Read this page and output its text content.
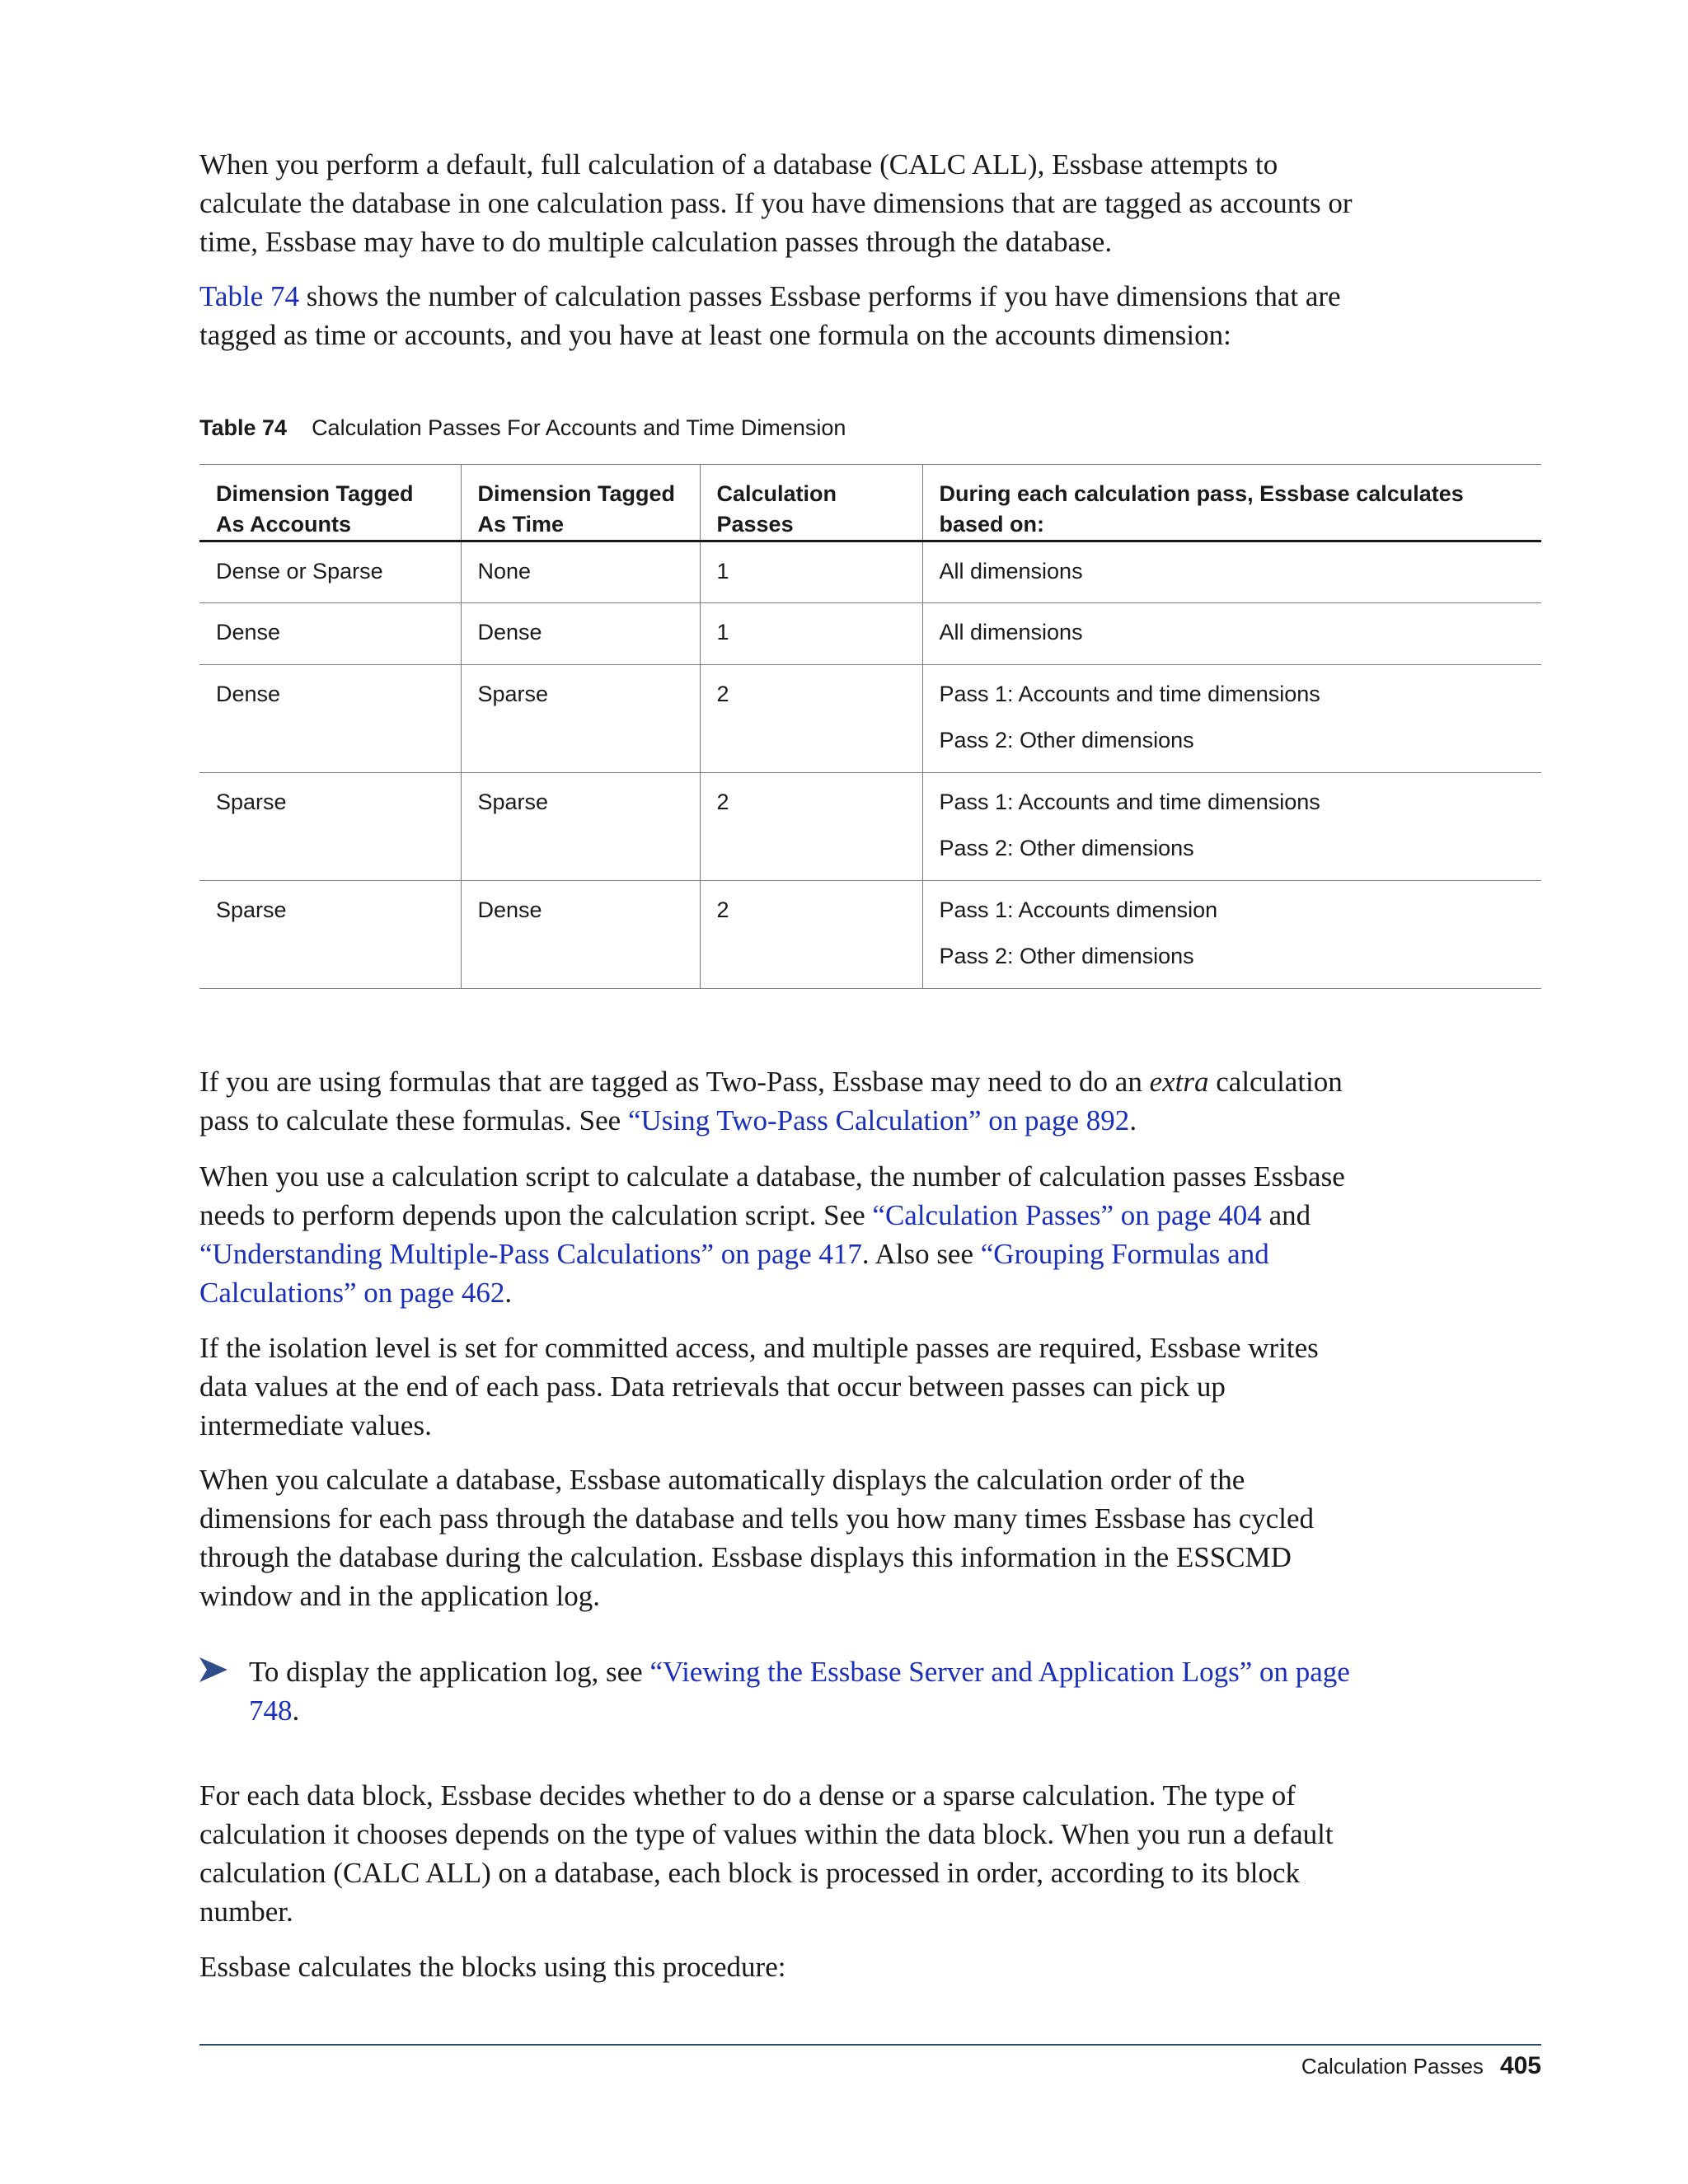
When you perform a default, full calculation of a database (CALC ALL), Essbase attempts to calculate the database in one calculation pass. If you have dimensions that are tagged as accounts or time, Essbase may have to do multiple calculation passes through the database.

Table 74 shows the number of calculation passes Essbase performs if you have dimensions that are tagged as time or accounts, and you have at least one formula on the accounts dimension:

Table 74 Calculation Passes For Accounts and Time Dimension
Dimension Tagged As Accounts	Dimension Tagged As Time	Calculation Passes	During each calculation pass, Essbase calculates based on:
Dense or Sparse	None	1	All dimensions
Dense	Dense	1	All dimensions
Dense	Sparse	2	Pass 1: Accounts and time dimensions
Pass 2: Other dimensions

Sparse	Sparse	2	Pass 1: Accounts and time dimensions
Pass 2: Other dimensions

Sparse	Dense	2	Pass 1: Accounts dimension
Pass 2: Other dimensions

If you are using formulas that are tagged as Two-Pass, Essbase may need to do an extra calculation pass to calculate these formulas. See “Using Two-Pass Calculation” on page 892.

When you use a calculation script to calculate a database, the number of calculation passes Essbase needs to perform depends upon the calculation script. See “Calculation Passes” on page 404 and “Understanding Multiple-Pass Calculations” on page 417. Also see “Grouping Formulas and Calculations” on page 462.

If the isolation level is set for committed access, and multiple passes are required, Essbase writes data values at the end of each pass. Data retrievals that occur between passes can pick up intermediate values.

When you calculate a database, Essbase automatically displays the calculation order of the dimensions for each pass through the database and tells you how many times Essbase has cycled through the database during the calculation. Essbase displays this information in the ESSCMD window and in the application log.

To display the application log, see “Viewing the Essbase Server and Application Logs” on page 748.

For each data block, Essbase decides whether to do a dense or a sparse calculation. The type of calculation it chooses depends on the type of values within the data block. When you run a default calculation (CALC ALL) on a database, each block is processed in order, according to its block number.

Essbase calculates the blocks using this procedure:

Calculation Passes 405
